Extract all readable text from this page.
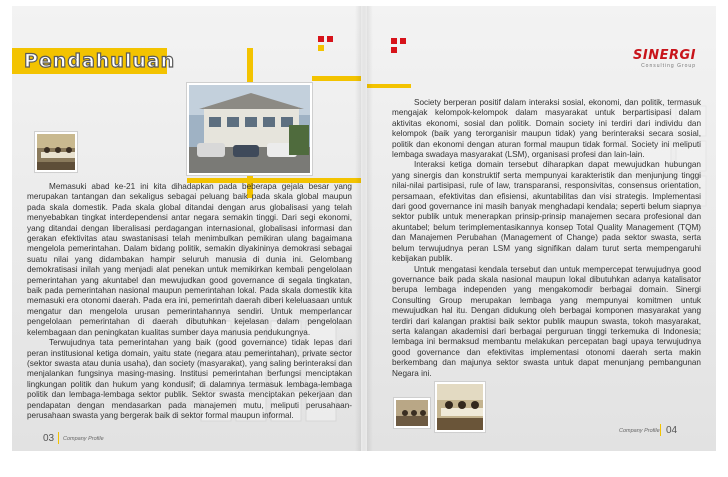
Pendahuluan

Memasuki abad ke-21 ini kita dihadapkan pada beberapa gejala besar yang merupakan tantangan dan sekaligus sebagai peluang baik pada skala global maupun pada skala domestik. Pada skala global ditandai dengan arus globalisasi yang telah menyebabkan tingkat interdependensi antar negara semakin tinggi. Dari segi ekonomi, yang ditandai dengan liberalisasi perdagangan internasional, globalisasi informasi dan gerakan efektivitas atau swastanisasi telah menimbulkan pemikiran ulang bagaimana mengelola pemerintahan. Dalam bidang politik, semakin diyakininya demokrasi sebagai suatu nilai yang didambakan hampir seluruh manusia di dunia ini. Gelombang demokratisasi inilah yang menjadi alat penekan untuk memikirkan kembali pengelolaan pemerintahan yang akuntabel dan mewujudkan good governance di segala tingkatan, baik pada pemerintahan nasional maupun pemerintahan lokal. Pada skala domestik kita memasuki era otonomi daerah. Pada era ini, pemerintah daerah diberi keleluasaan untuk mengatur dan mengelola urusan pemerintahannya sendiri. Untuk memperlancar pengelolaan pemerintahan di daerah dibutuhkan kejelasan dalam pengelolaan kelembagaan dan peningkatan kualitas sumber daya manusia pendukungnya.

Terwujudnya tata pemerintahan yang baik (good governance) tidak lepas dari peran institusional ketiga domain, yaitu state (negara atau pemerintahan), private sector (sektor swasta atau dunia usaha), dan society (masyarakat), yang saling berinteraksi dan menjalankan fungsinya masing-masing. Institusi pemerintahan berfungsi menciptakan lingkungan politik dan hukum yang kondusif; di dalamnya termasuk lembaga-lembaga politik dan lembaga-lembaga sektor publik. Sektor swasta menciptakan pekerjaan dan pendapatan dengan mendasarkan pada manajemen mutu, meliputi perusahaan-perusahaan swasta yang bergerak baik di sektor formal maupun informal.

03 Company Profile
SINERGI
Consulting Group

Society berperan positif dalam interaksi sosial, ekonomi, dan politik, termasuk mengajak kelompok-kelompok dalam masyarakat untuk berpartisipasi dalam aktivitas ekonomi, sosial dan politik. Domain society ini terdiri dari individu dan kelompok (baik yang terorganisir maupun tidak) yang berinteraksi secara sosial, politik dan ekonomi dengan aturan formal maupun tidak formal. Society ini meliputi lembaga swadaya masyarakat (LSM), organisasi profesi dan lain-lain.

Interaksi ketiga domain tersebut diharapkan dapat mewujudkan hubungan yang sinergis dan konstruktif serta mempunyai karakteristik dan menjunjung tinggi nilai-nilai partisipasi, rule of law, transparansi, responsivitas, consensus orientation, persamaan, efektivitas dan efisiensi, akuntabilitas dan visi strategis. Implementasi dari good governance ini masih banyak menghadapi kendala; seperti belum siapnya sektor publik untuk menerapkan prinsip-prinsip manajemen secara profesional dan akuntabel; belum terimplementasikannya konsep Total Quality Management (TQM) dan Manajemen Perubahan (Management of Change) pada sektor swasta, serta belum terwujudnya peran LSM yang signifikan dalam turut serta mempengaruhi kebijakan publik.

Untuk mengatasi kendala tersebut dan untuk mempercepat terwujudnya good governance baik pada skala nasional maupun lokal dibutuhkan adanya katalisator berupa lembaga independen yang mengakomodir berbagai domain. Sinergi Consulting Group merupakan lembaga yang mempunyai komitmen untuk mewujudkan hal itu. Dengan didukung oleh berbagai komponen masyarakat yang terdiri dari kalangan praktisi baik sektor publik maupun swasta, tokoh masyarakat, serta kalangan akademisi dari berbagai perguruan tinggi terkemuka di Indonesia; lembaga ini bermaksud membantu melakukan percepatan bagi upaya terwujudnya good governance dan efektivitas implementasi otonomi daerah serta makin berkembang dan majunya sektor swasta untuk dapat menunjang pembangunan Negara ini.

Company Profile 04
